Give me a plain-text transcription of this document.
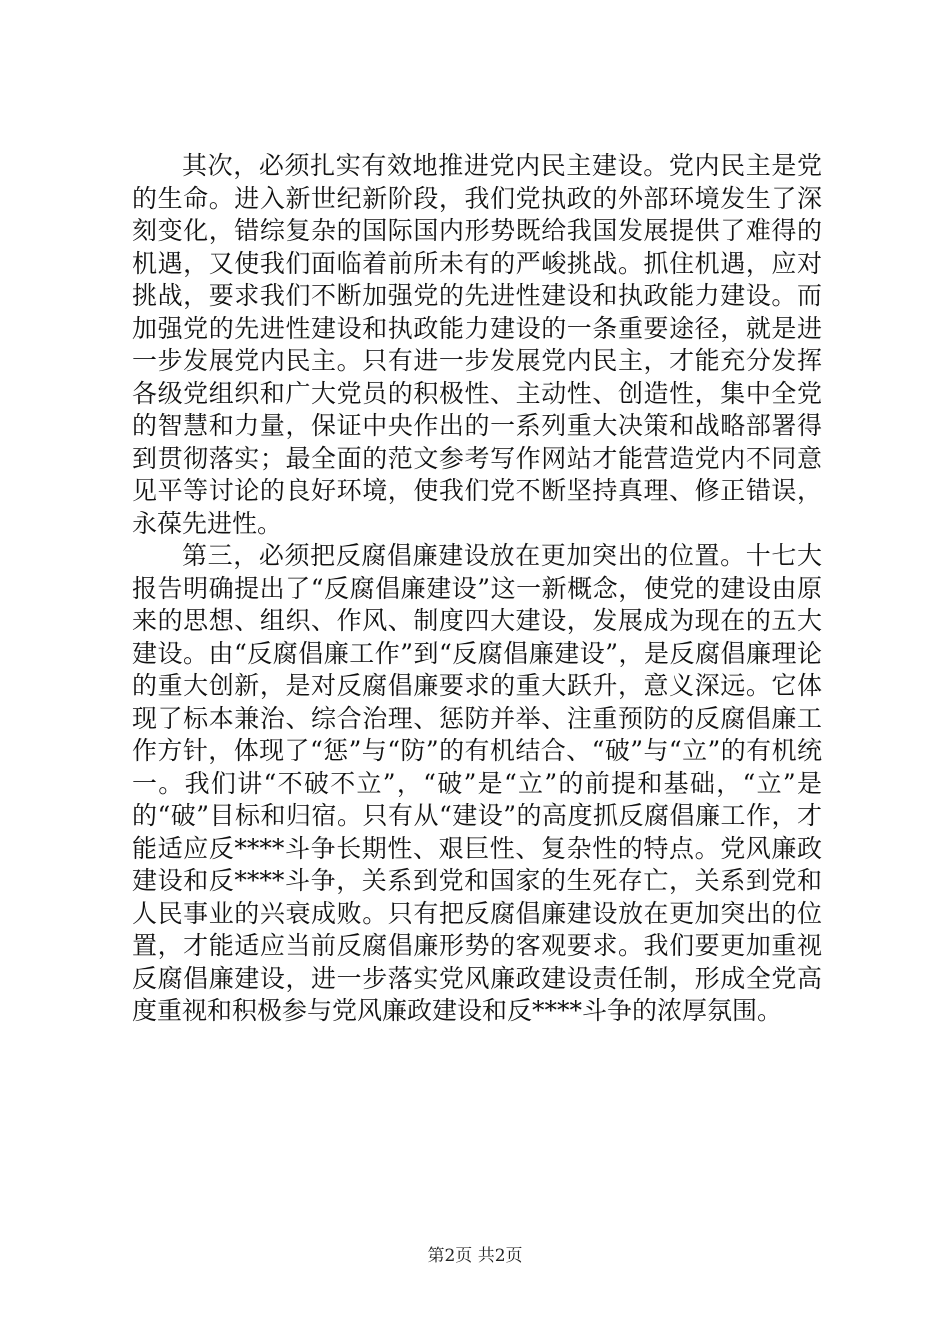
其次，必须扎实有效地推进党内民主建设。党内民主是党的生命。进入新世纪新阶段，我们党执政的外部环境发生了深刻变化，错综复杂的国际国内形势既给我国发展提供了难得的机遇，又使我们面临着前所未有的严峻挑战。抓住机遇，应对挑战，要求我们不断加强党的先进性建设和执政能力建设。而加强党的先进性建设和执政能力建设的一条重要途径，就是进一步发展党内民主。只有进一步发展党内民主，才能充分发挥各级党组织和广大党员的积极性、主动性、创造性，集中全党的智慧和力量，保证中央作出的一系列重大决策和战略部署得到贯彻落实；最全面的范文参考写作网站才能营造党内不同意见平等讨论的良好环境，使我们党不断坚持真理、修正错误，永葆先进性。

第三，必须把反腐倡廉建设放在更加突出的位置。十七大报告明确提出了“反腐倡廉建设”这一新概念，使党的建设由原来的思想、组织、作风、制度四大建设，发展成为现在的五大建设。由“反腐倡廉工作”到“反腐倡廉建设”，是反腐倡廉理论的重大创新，是对反腐倡廉要求的重大跃升，意义深远。它体现了标本兼治、综合治理、惩防并举、注重预防的反腐倡廉工作方针，体现了“惩”与“防”的有机结合、“破”与“立”的有机统一。我们讲“不破不立”，“破”是“立”的前提和基础，“立”是的“破”目标和归宿。只有从“建设”的高度抓反腐倡廉工作，才能适应反****斗争长期性、艰巨性、复杂性的特点。党风廉政建设和反****斗争，关系到党和国家的生死存亡，关系到党和人民事业的兴衰成败。只有把反腐倡廉建设放在更加突出的位置，才能适应当前反腐倡廉形势的客观要求。我们要更加重视反腐倡廉建设，进一步落实党风廉政建设责任制，形成全党高度重视和积极参与党风廉政建设和反****斗争的浓厚氛围。

第2页 共2页
